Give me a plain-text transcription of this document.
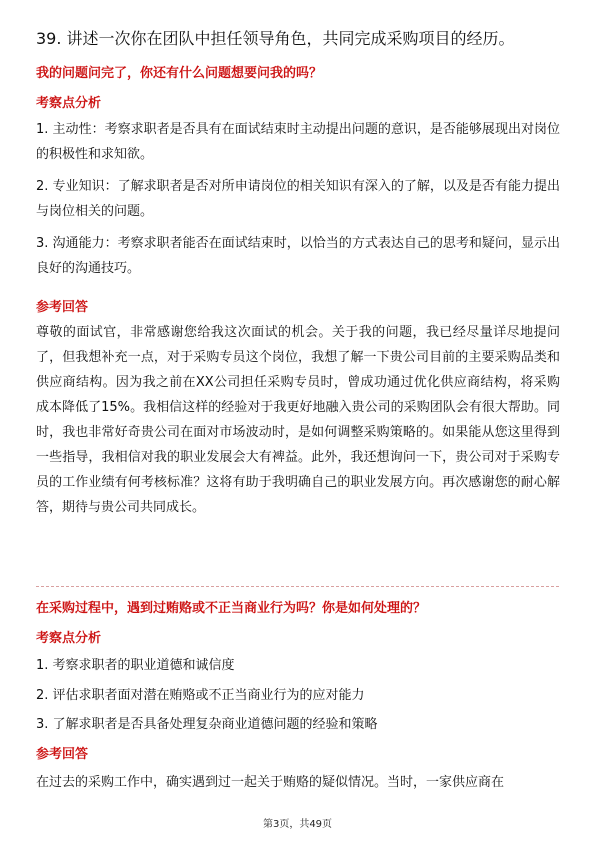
39. 讲述一次你在团队中担任领导角色，共同完成采购项目的经历。
我的问题问完了，你还有什么问题想要问我的吗？
考察点分析
1. 主动性：考察求职者是否具有在面试结束时主动提出问题的意识，是否能够展现出对岗位的积极性和求知欲。
2. 专业知识：了解求职者是否对所申请岗位的相关知识有深入的了解，以及是否有能力提出与岗位相关的问题。
3. 沟通能力：考察求职者能否在面试结束时，以恰当的方式表达自己的思考和疑问，显示出良好的沟通技巧。
参考回答
尊敬的面试官，非常感谢您给我这次面试的机会。关于我的问题，我已经尽量详尽地提问了，但我想补充一点，对于采购专员这个岗位，我想了解一下贵公司目前的主要采购品类和供应商结构。因为我之前在XX公司担任采购专员时，曾成功通过优化供应商结构，将采购成本降低了15%。我相信这样的经验对于我更好地融入贵公司的采购团队会有很大帮助。同时，我也非常好奇贵公司在面对市场波动时，是如何调整采购策略的。如果能从您这里得到一些指导，我相信对我的职业发展会大有裨益。此外，我还想询问一下，贵公司对于采购专员的工作业绩有何考核标准？这将有助于我明确自己的职业发展方向。再次感谢您的耐心解答，期待与贵公司共同成长。
在采购过程中，遇到过贿赂或不正当商业行为吗？你是如何处理的？
考察点分析
1. 考察求职者的职业道德和诚信度
2. 评估求职者面对潜在贿赂或不正当商业行为的应对能力
3. 了解求职者是否具备处理复杂商业道德问题的经验和策略
参考回答
在过去的采购工作中，确实遇到过一起关于贿赂的疑似情况。当时，一家供应商在
第3页，共49页
